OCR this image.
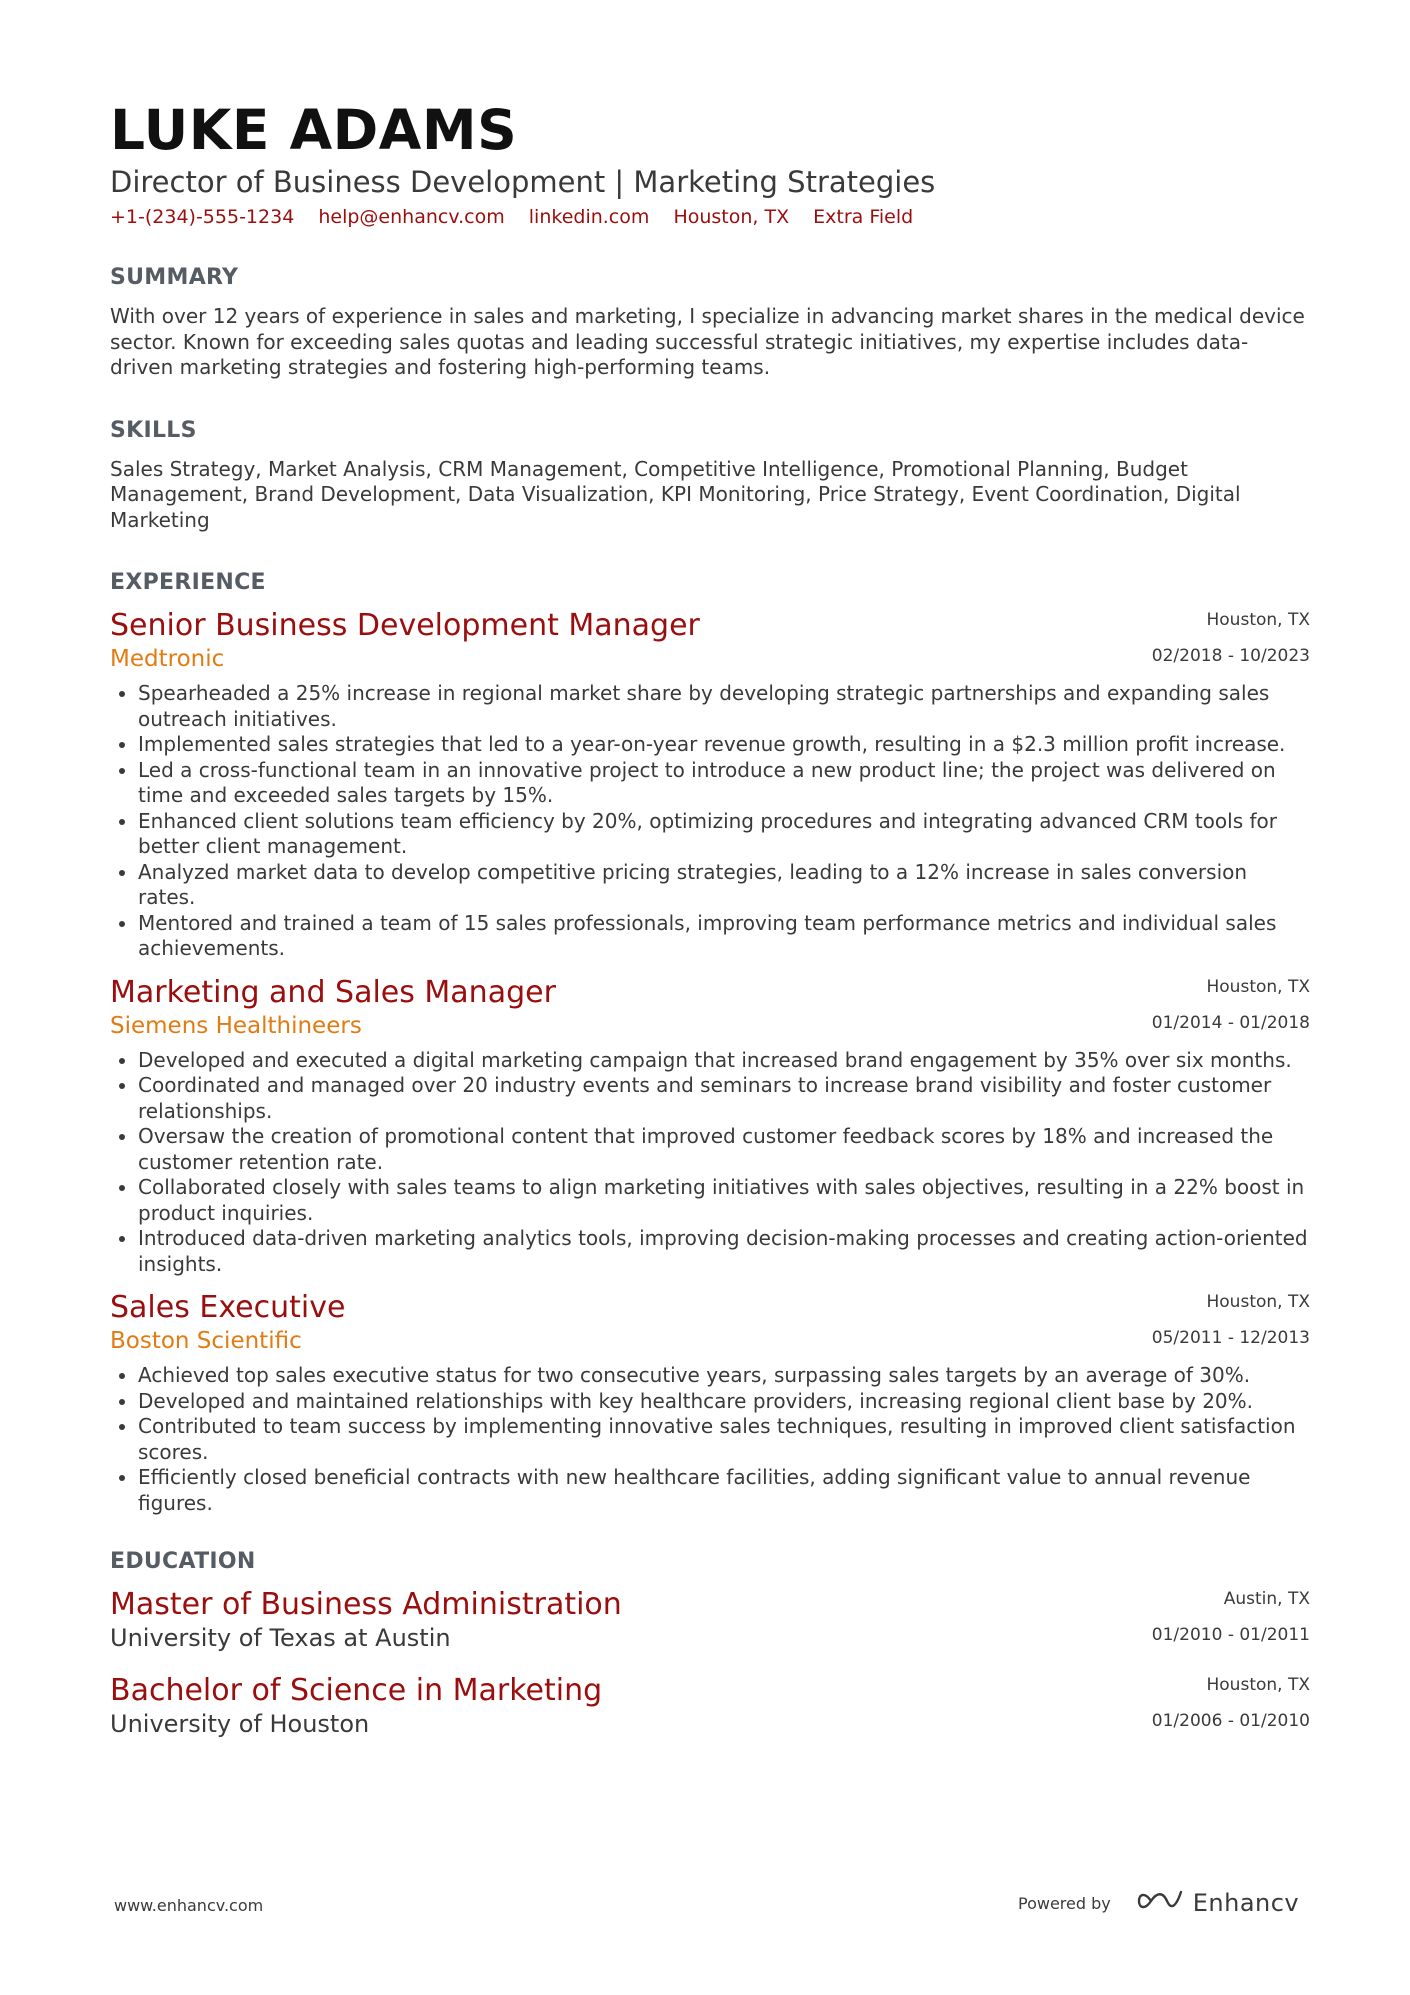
LUKE ADAMS
Director of Business Development | Marketing Strategies
+1-(234)-555-1234 help@enhancv.com linkedin.com Houston, TX Extra Field
SUMMARY
With over 12 years of experience in sales and marketing, I specialize in advancing market shares in the medical device sector. Known for exceeding sales quotas and leading successful strategic initiatives, my expertise includes data-driven marketing strategies and fostering high-performing teams.
SKILLS
Sales Strategy, Market Analysis, CRM Management, Competitive Intelligence, Promotional Planning, Budget Management, Brand Development, Data Visualization, KPI Monitoring, Price Strategy, Event Coordination, Digital Marketing
EXPERIENCE
Senior Business Development Manager
Medtronic
Houston, TX
02/2018 - 10/2023
• Spearheaded a 25% increase in regional market share by developing strategic partnerships and expanding sales outreach initiatives.
• Implemented sales strategies that led to a year-on-year revenue growth, resulting in a $2.3 million profit increase.
• Led a cross-functional team in an innovative project to introduce a new product line; the project was delivered on time and exceeded sales targets by 15%.
• Enhanced client solutions team efficiency by 20%, optimizing procedures and integrating advanced CRM tools for better client management.
• Analyzed market data to develop competitive pricing strategies, leading to a 12% increase in sales conversion rates.
• Mentored and trained a team of 15 sales professionals, improving team performance metrics and individual sales achievements.
Marketing and Sales Manager
Siemens Healthineers
Houston, TX
01/2014 - 01/2018
• Developed and executed a digital marketing campaign that increased brand engagement by 35% over six months.
• Coordinated and managed over 20 industry events and seminars to increase brand visibility and foster customer relationships.
• Oversaw the creation of promotional content that improved customer feedback scores by 18% and increased the customer retention rate.
• Collaborated closely with sales teams to align marketing initiatives with sales objectives, resulting in a 22% boost in product inquiries.
• Introduced data-driven marketing analytics tools, improving decision-making processes and creating action-oriented insights.
Sales Executive
Boston Scientific
Houston, TX
05/2011 - 12/2013
• Achieved top sales executive status for two consecutive years, surpassing sales targets by an average of 30%.
• Developed and maintained relationships with key healthcare providers, increasing regional client base by 20%.
• Contributed to team success by implementing innovative sales techniques, resulting in improved client satisfaction scores.
• Efficiently closed beneficial contracts with new healthcare facilities, adding significant value to annual revenue figures.
EDUCATION
Master of Business Administration
University of Texas at Austin
Austin, TX
01/2010 - 01/2011
Bachelor of Science in Marketing
University of Houston
Houston, TX
01/2006 - 01/2010
www.enhancv.com	Powered by	Enhancv
